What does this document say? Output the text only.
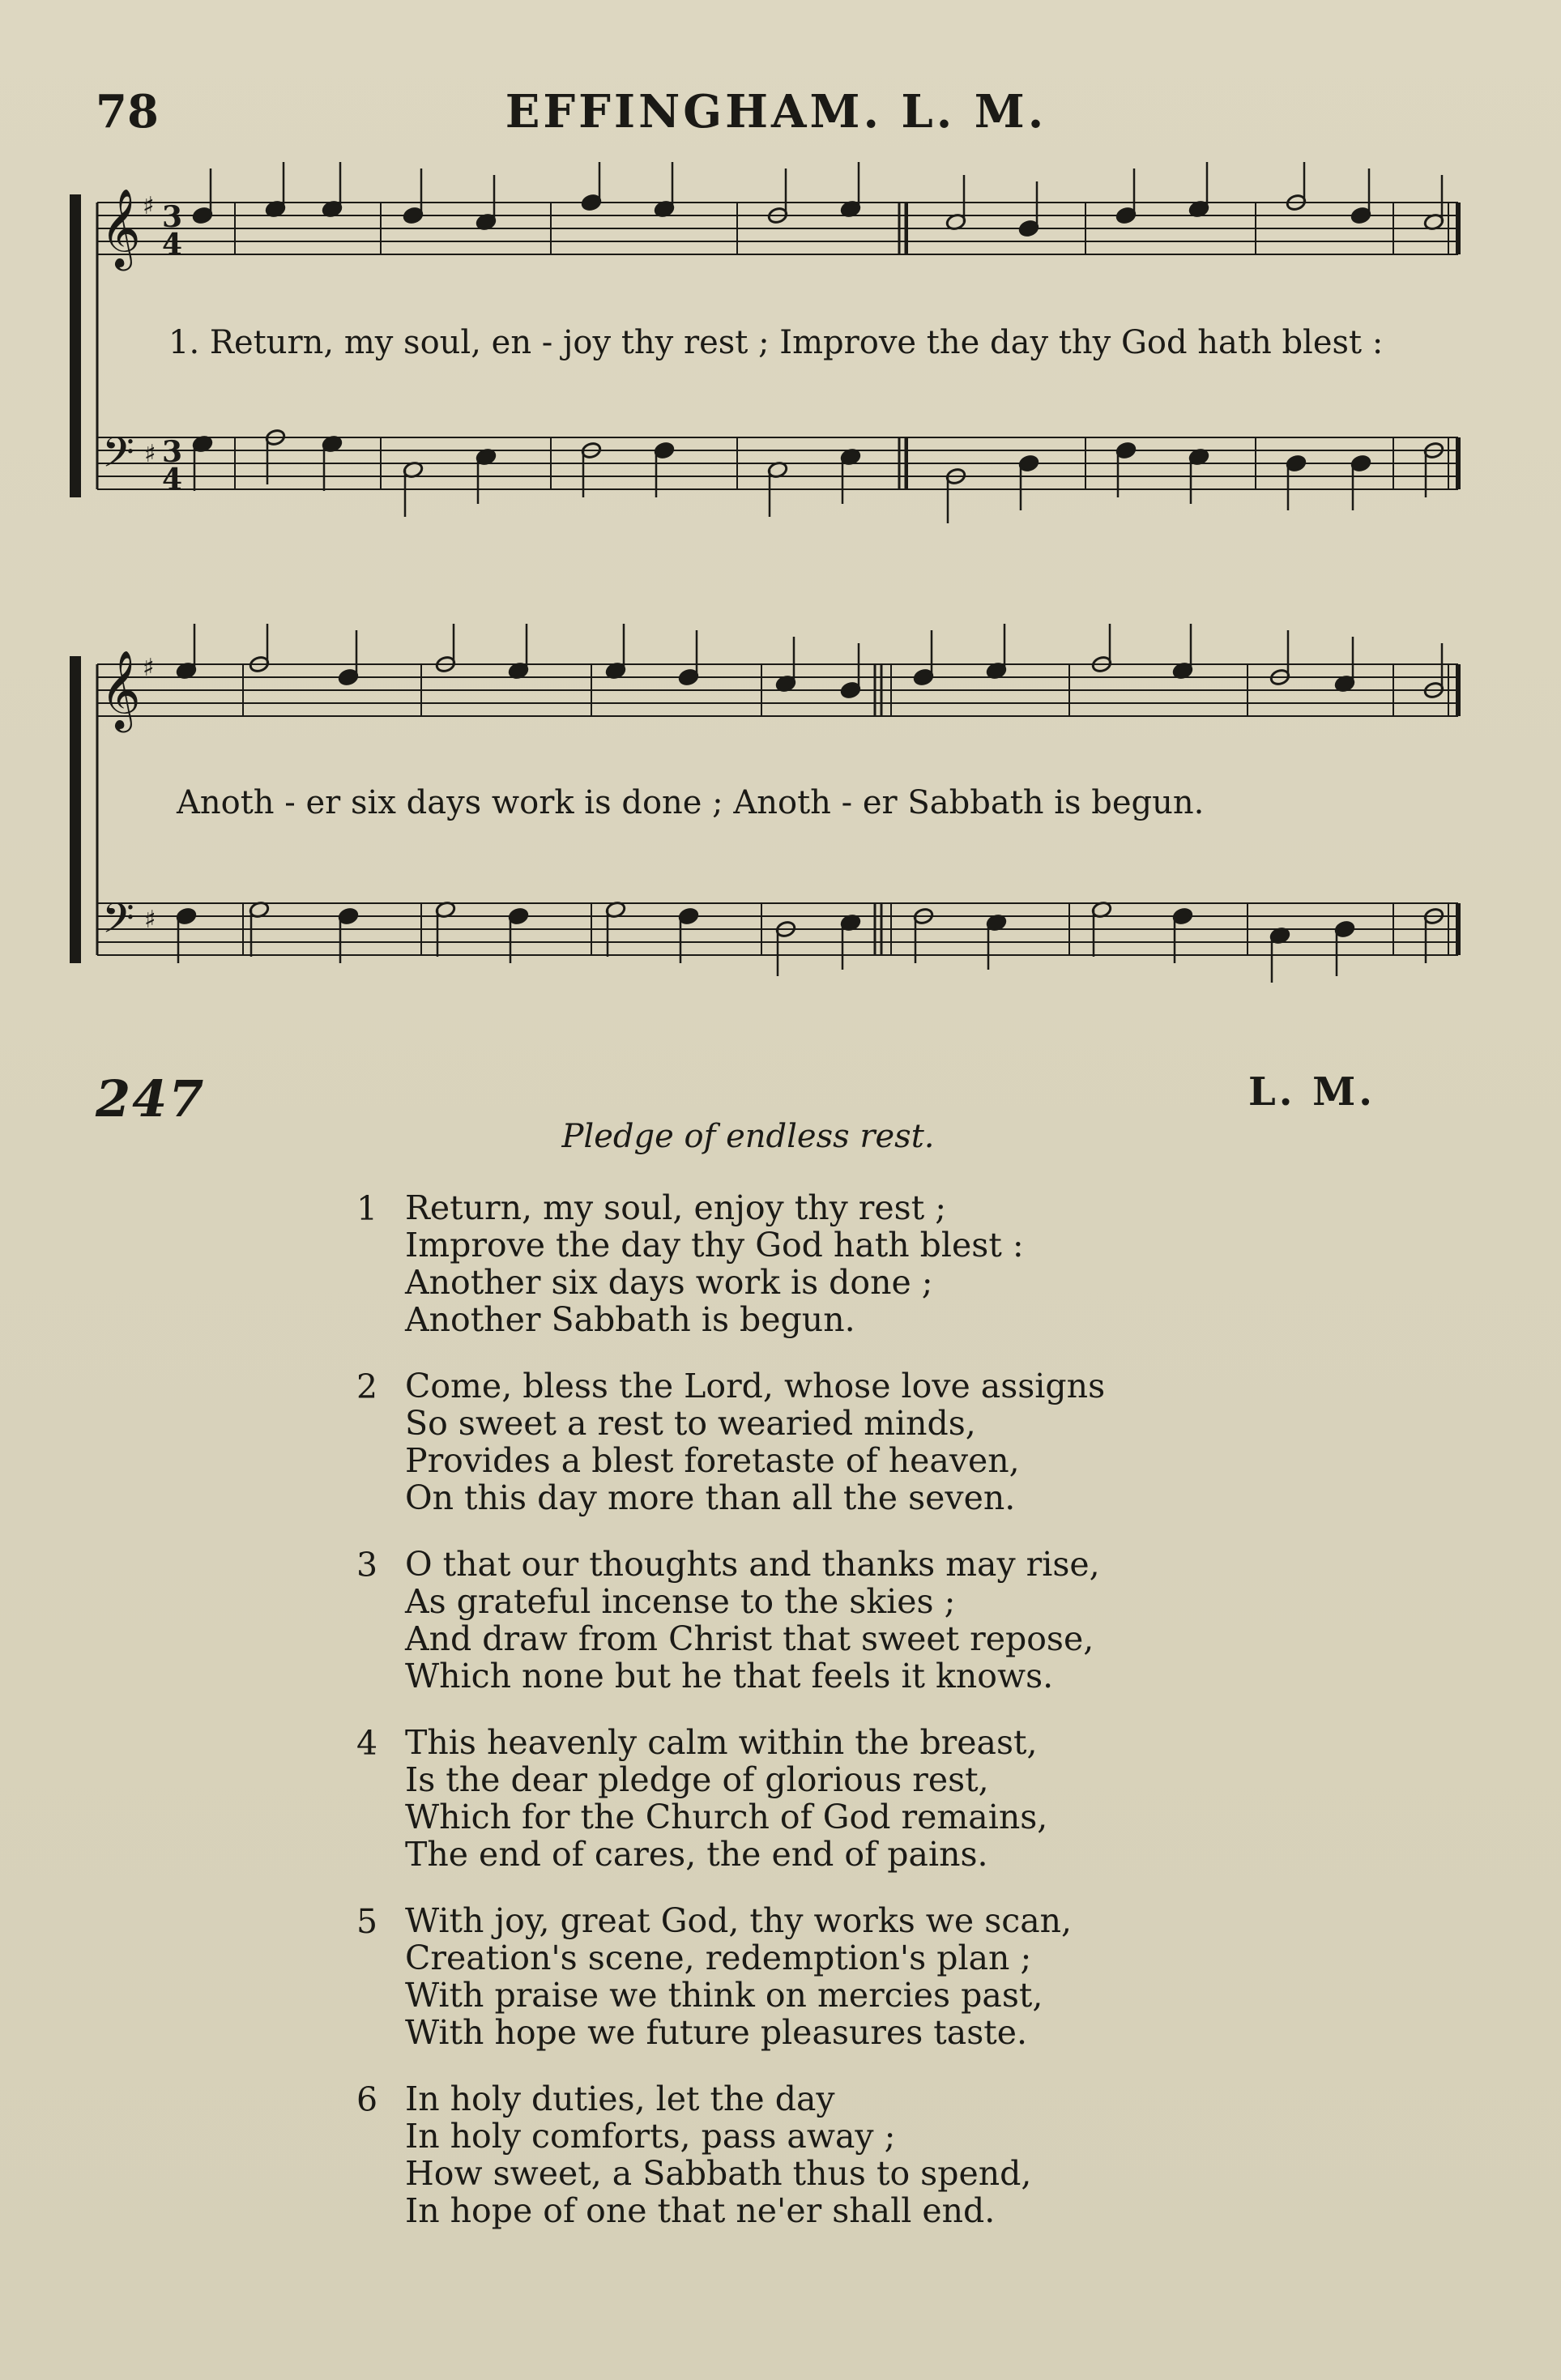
78	EFFINGHAM. L. M.
𝄞
𝄢
♯
♯
3
4
3
4
1. Return, my soul, en - joy thy rest ; Improve the day thy God hath blest :
𝄞
𝄢
♯
♯
Anoth - er six days work is done ; Anoth - er Sabbath is begun.
247	L. M.
Pledge of endless rest.
1 Return, my soul, enjoy thy rest ;
Improve the day thy God hath blest :
Another six days work is done ;
Another Sabbath is begun.
2 Come, bless the Lord, whose love assigns
So sweet a rest to wearied minds,
Provides a blest foretaste of heaven,
On this day more than all the seven.
3 O that our thoughts and thanks may rise,
As grateful incense to the skies ;
And draw from Christ that sweet repose,
Which none but he that feels it knows.
4 This heavenly calm within the breast,
Is the dear pledge of glorious rest,
Which for the Church of God remains,
The end of cares, the end of pains.
5 With joy, great God, thy works we scan,
Creation's scene, redemption's plan ;
With praise we think on mercies past,
With hope we future pleasures taste.
6 In holy duties, let the day
In holy comforts, pass away ;
How sweet, a Sabbath thus to spend,
In hope of one that ne'er shall end.
